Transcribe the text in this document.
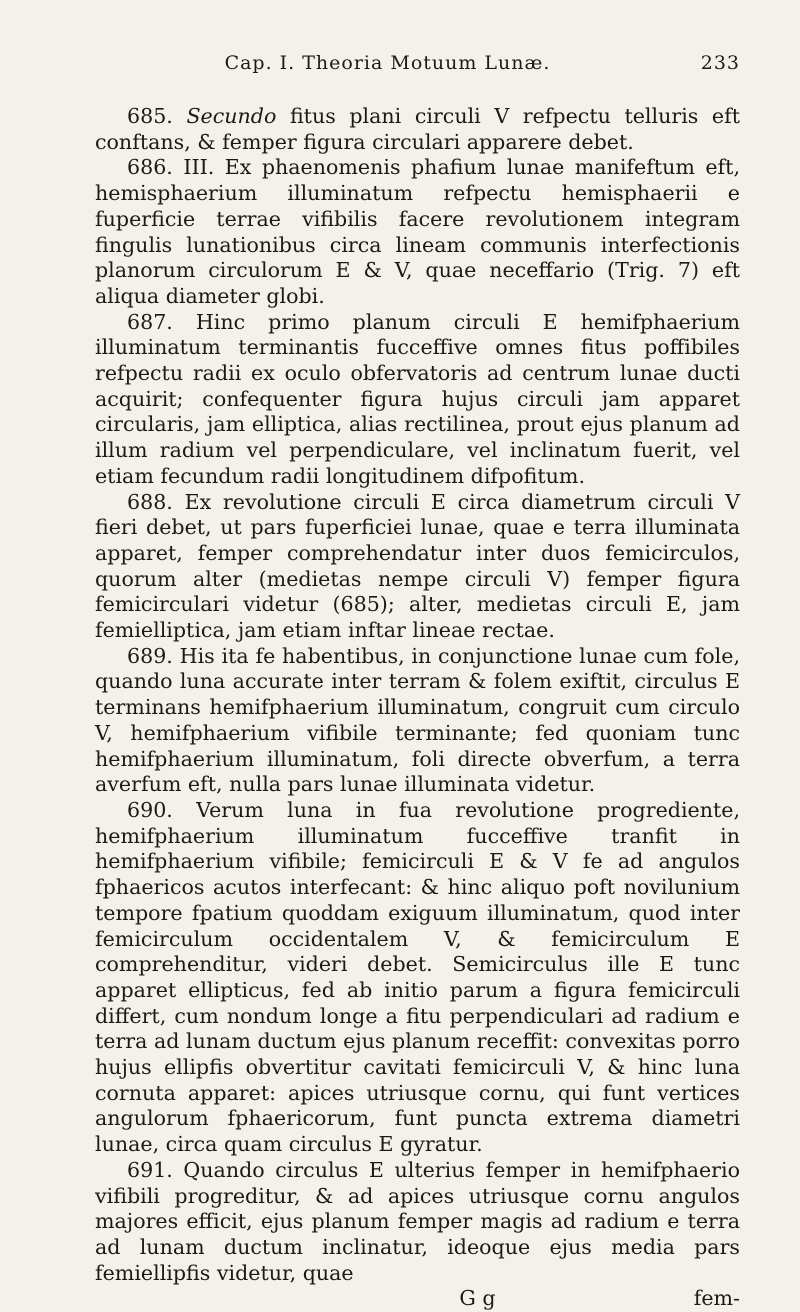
Cap. I. Theoria Motuum Lunæ.	233

685. Secundo fitus plani circuli V refpectu telluris eft conftans, & femper figura circulari apparere debet.

686. III. Ex phaenomenis phafium lunae manifeftum eft, hemisphaerium illuminatum refpectu hemisphaerii e fuperficie terrae vifibilis facere revolutionem integram fingulis lunationibus circa lineam communis interfectionis planorum circulorum E & V, quae neceffario (Trig. 7) eft aliqua diameter globi.

687. Hinc primo planum circuli E hemifphaerium illuminatum terminantis fucceffive omnes fitus poffibiles refpectu radii ex oculo obfervatoris ad centrum lunae ducti acquirit; confequenter figura hujus circuli jam apparet circularis, jam elliptica, alias rectilinea, prout ejus planum ad illum radium vel perpendiculare, vel inclinatum fuerit, vel etiam fecundum radii longitudinem difpofitum.

688. Ex revolutione circuli E circa diametrum circuli V fieri debet, ut pars fuperficiei lunae, quae e terra illuminata apparet, femper comprehendatur inter duos femicirculos, quorum alter (medietas nempe circuli V) femper figura femicirculari videtur (685); alter, medietas circuli E, jam femielliptica, jam etiam inftar lineae rectae.

689. His ita fe habentibus, in conjunctione lunae cum fole, quando luna accurate inter terram & folem exiftit, circulus E terminans hemifphaerium illuminatum, congruit cum circulo V, hemifphaerium vifibile terminante; fed quoniam tunc hemifphaerium illuminatum, foli directe obverfum, a terra averfum eft, nulla pars lunae illuminata videtur.

690. Verum luna in fua revolutione progrediente, hemifphaerium illuminatum fucceffive tranfit in hemifphaerium vifibile; femicirculi E & V fe ad angulos fphaericos acutos interfecant: & hinc aliquo poft novilunium tempore fpatium quoddam exiguum illuminatum, quod inter femicirculum occidentalem V, & femicirculum E comprehenditur, videri debet. Semicirculus ille E tunc apparet ellipticus, fed ab initio parum a figura femicirculi differt, cum nondum longe a fitu perpendiculari ad radium e terra ad lunam ductum ejus planum receffit: convexitas porro hujus ellipfis obvertitur cavitati femicirculi V, & hinc luna cornuta apparet: apices utriusque cornu, qui funt vertices angulorum fphaericorum, funt puncta extrema diametri lunae, circa quam circulus E gyratur.

691. Quando circulus E ulterius femper in hemifphaerio vifibili progreditur, & ad apices utriusque cornu angulos majores efficit, ejus planum femper magis ad radium e terra ad lunam ductum inclinatur, ideoque ejus media pars femiellipfis videtur, quae

G g	fem-
